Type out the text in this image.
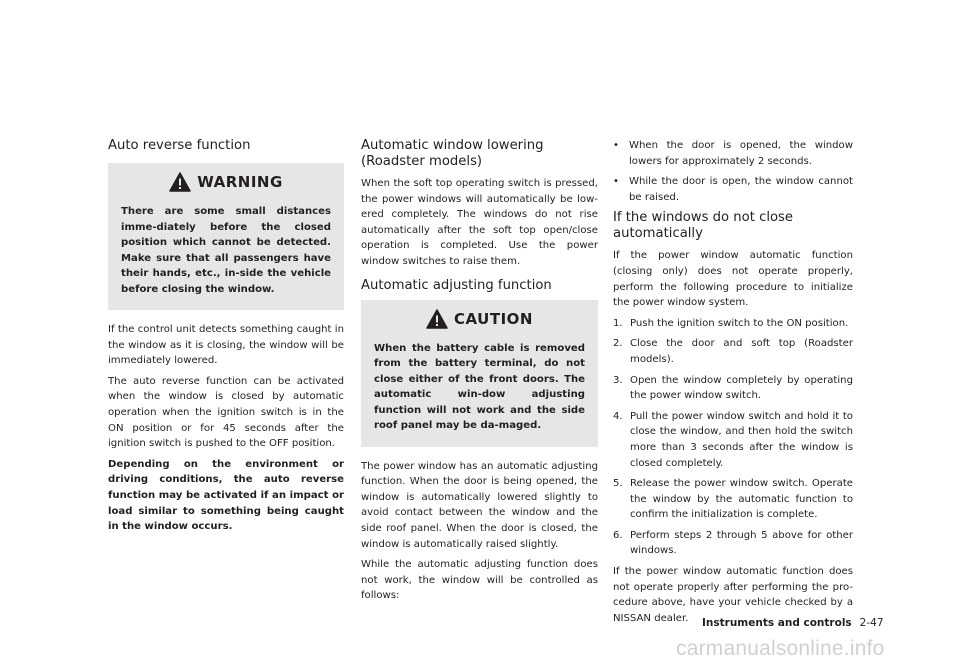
Auto reverse function
WARNING
There are some small distances imme-diately before the closed position which cannot be detected. Make sure that all passengers have their hands, etc., in-side the vehicle before closing the window.

If the control unit detects something caught in the window as it is closing, the window will be immediately lowered.

The auto reverse function can be activated when the window is closed by automatic operation when the ignition switch is in the ON position or for 45 seconds after the ignition switch is pushed to the OFF position.

Depending on the environment or driving conditions, the auto reverse function may be activated if an impact or load similar to something being caught in the window occurs.

Automatic window lowering (Roadster models)

When the soft top operating switch is pressed, the power windows will automatically be low-ered completely. The windows do not rise automatically after the soft top open/close operation is completed. Use the power window switches to raise them.

Automatic adjusting function
CAUTION
When the battery cable is removed from the battery terminal, do not close either of the front doors. The automatic win-dow adjusting function will not work and the side roof panel may be da-maged.

The power window has an automatic adjusting function. When the door is being opened, the window is automatically lowered slightly to avoid contact between the window and the side roof panel. When the door is closed, the window is automatically raised slightly.

While the automatic adjusting function does not work, the window will be controlled as follows:

• When the door is opened, the window lowers for approximately 2 seconds.
• While the door is open, the window cannot be raised.
If the windows do not close automatically

If the power window automatic function (closing only) does not operate properly, perform the following procedure to initialize the power window system.

1. Push the ignition switch to the ON position.
2. Close the door and soft top (Roadster models).
3. Open the window completely by operating the power window switch.
4. Pull the power window switch and hold it to close the window, and then hold the switch more than 3 seconds after the window is closed completely.
5. Release the power window switch. Operate the window by the automatic function to confirm the initialization is complete.
6. Perform steps 2 through 5 above for other windows.

If the power window automatic function does not operate properly after performing the pro-cedure above, have your vehicle checked by a NISSAN dealer.	Instruments and controls 2-47
carmanualsonline.info
